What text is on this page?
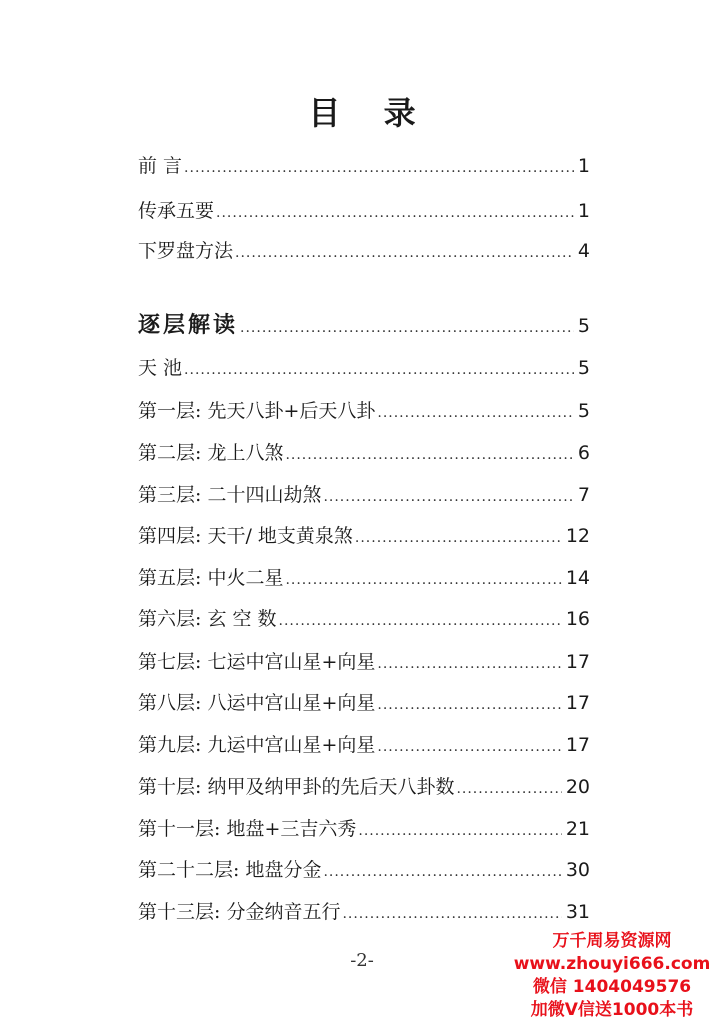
目 录
前 言 .....	1
传承五要 .....	1
下罗盘方法 .....	4
逐层解读 .....	5
天 池 .....	5
第一层: 先天八卦+后天八卦 .....	5
第二层: 龙上八煞 .....	6
第三层: 二十四山劫煞 .....	7
第四层: 天干/ 地支黄泉煞 .....	12
第五层: 中火二星 .....	14
第六层: 玄 空 数 .....	16
第七层: 七运中宫山星+向星 .....	17
第八层: 八运中宫山星+向星 .....	17
第九层: 九运中宫山星+向星 .....	17
第十层: 纳甲及纳甲卦的先后天八卦数 .....	20
第十一层: 地盘+三吉六秀 .....	21
第二十二层: 地盘分金 .....	30
第十三层: 分金纳音五行 .....	31
-2-
万千周易资源网
www.zhouyi666.com
微信 1404049576
加微V信送1000本书
